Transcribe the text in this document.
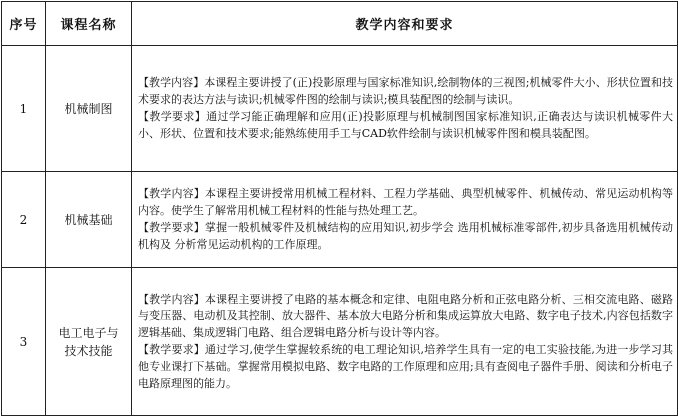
序号	课程名称	教学内容和要求
1	机械制图	【教学内容】本课程主要讲授了(正)投影原理与国家标准知识,绘制物体的三视图;机械零件大小、形状位置和技术要求的表达方法与读识;机械零件图的绘制与读识;模具装配图的绘制与读识。
【教学要求】通过学习能正确理解和应用(正)投影原理与机械制图国家标准知识,正确表达与读识机械零件大小、形状、位置和技术要求;能熟练使用手工与CAD软件绘制与读识机械零件图和模具装配图。

2	机械基础	【教学内容】本课程主要讲授常用机械工程材料、工程力学基础、典型机械零件、机械传动、常见运动机构等内容。使学生了解常用机械工程材料的性能与热处理工艺。
【教学要求】掌握一般机械零件及机械结构的应用知识,初步学会 选用机械标准零部件,初步具备选用机械传动机构及 分析常见运动机构的工作原理。

3	电工电子与
技术技能	【教学内容】本课程主要讲授了电路的基本概念和定律、电阻电路分析和正弦电路分析、三相交流电路、磁路与变压器、电动机及其控制、放大器件、基本放大电路分析和集成运算放大电路、数字电子技术,内容包括数字逻辑基础、集成逻辑门电路、组合逻辑电路分析与设计等内容。
【教学要求】通过学习,使学生掌握较系统的电工理论知识,培养学生具有一定的电工实验技能,为进一步学习其他专业课打下基础。掌握常用模拟电路、数字电路的工作原理和应用;具有查阅电子器件手册、阅读和分析电子电路原理图的能力。
